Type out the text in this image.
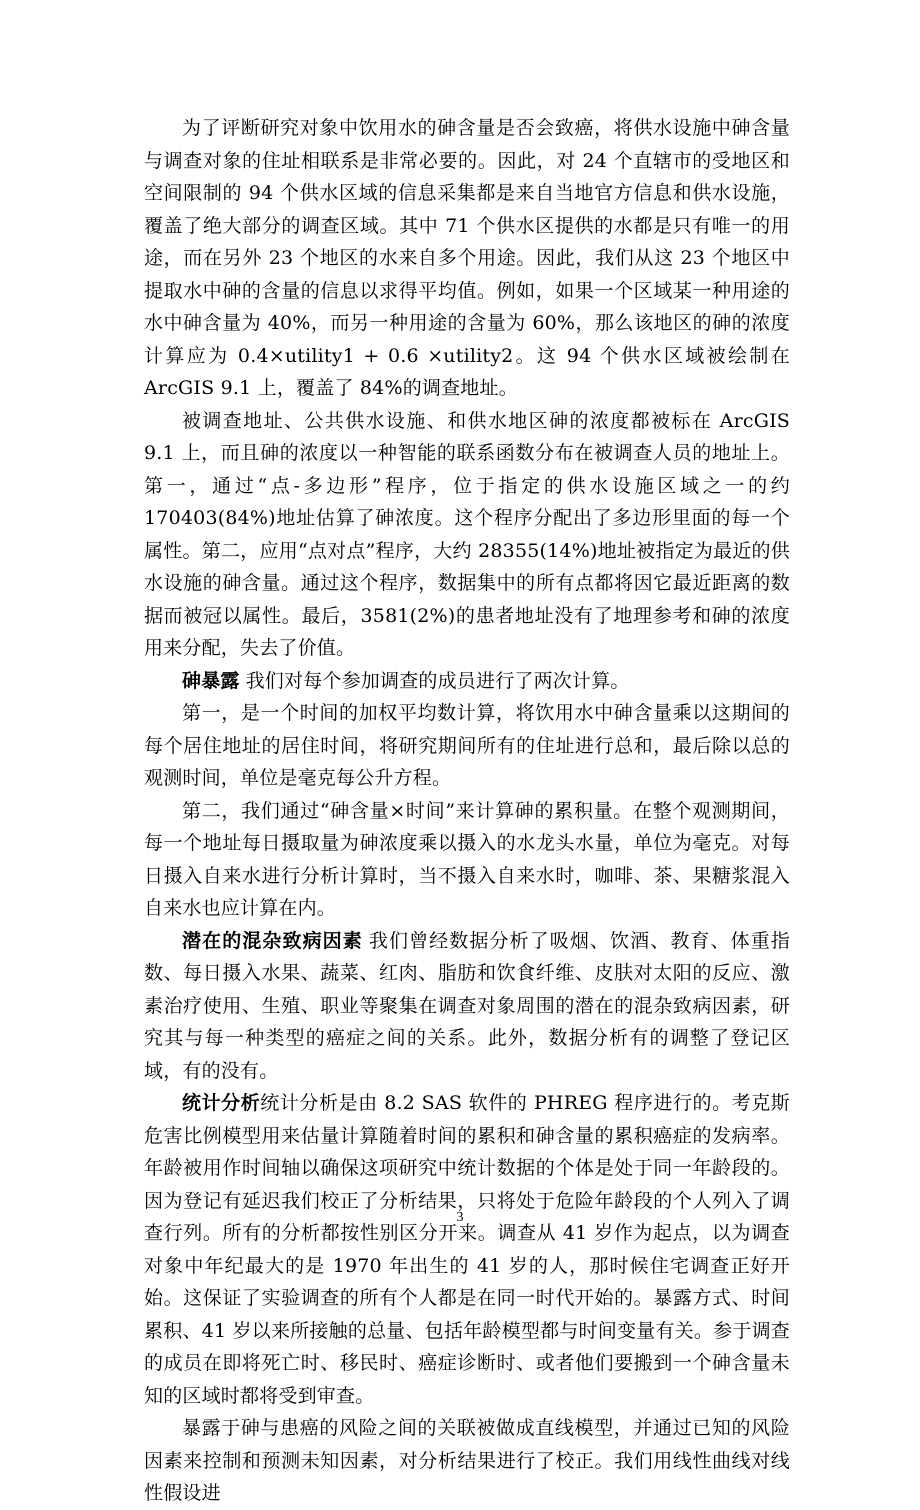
为了评断研究对象中饮用水的砷含量是否会致癌，将供水设施中砷含量与调查对象的住址相联系是非常必要的。因此，对 24 个直辖市的受地区和空间限制的 94 个供水区域的信息采集都是来自当地官方信息和供水设施，覆盖了绝大部分的调查区域。其中 71 个供水区提供的水都是只有唯一的用途，而在另外 23 个地区的水来自多个用途。因此，我们从这 23 个地区中提取水中砷的含量的信息以求得平均值。例如，如果一个区域某一种用途的水中砷含量为 40%，而另一种用途的含量为 60%，那么该地区的砷的浓度计算应为 0.4×utility1 + 0.6 ×utility2。这 94 个供水区域被绘制在 ArcGIS 9.1 上，覆盖了 84%的调查地址。

被调查地址、公共供水设施、和供水地区砷的浓度都被标在 ArcGIS 9.1 上，而且砷的浓度以一种智能的联系函数分布在被调查人员的地址上。第一，通过“点-多边形”程序，位于指定的供水设施区域之一的约 170403(84%)地址估算了砷浓度。这个程序分配出了多边形里面的每一个属性。第二，应用“点对点”程序，大约 28355(14%)地址被指定为最近的供水设施的砷含量。通过这个程序，数据集中的所有点都将因它最近距离的数据而被冠以属性。最后，3581(2%)的患者地址没有了地理参考和砷的浓度用来分配，失去了价值。

砷暴露 我们对每个参加调查的成员进行了两次计算。

第一，是一个时间的加权平均数计算，将饮用水中砷含量乘以这期间的每个居住地址的居住时间，将研究期间所有的住址进行总和，最后除以总的观测时间，单位是毫克每公升方程。

第二，我们通过“砷含量×时间”来计算砷的累积量。在整个观测期间，每一个地址每日摄取量为砷浓度乘以摄入的水龙头水量，单位为毫克。对每日摄入自来水进行分析计算时，当不摄入自来水时，咖啡、茶、果糖浆混入自来水也应计算在内。

潜在的混杂致病因素 我们曾经数据分析了吸烟、饮酒、教育、体重指数、每日摄入水果、蔬菜、红肉、脂肪和饮食纤维、皮肤对太阳的反应、激素治疗使用、生殖、职业等聚集在调查对象周围的潜在的混杂致病因素，研究其与每一种类型的癌症之间的关系。此外，数据分析有的调整了登记区域，有的没有。

统计分析统计分析是由 8.2 SAS 软件的 PHREG 程序进行的。考克斯危害比例模型用来估量计算随着时间的累积和砷含量的累积癌症的发病率。年龄被用作时间轴以确保这项研究中统计数据的个体是处于同一年龄段的。因为登记有延迟我们校正了分析结果，只将处于危险年龄段的个人列入了调查行列。所有的分析都按性别区分开来。调查从 41 岁作为起点，以为调查对象中年纪最大的是 1970 年出生的 41 岁的人，那时候住宅调查正好开始。这保证了实验调查的所有个人都是在同一时代开始的。暴露方式、时间累积、41 岁以来所接触的总量、包括年龄模型都与时间变量有关。参于调查的成员在即将死亡时、移民时、癌症诊断时、或者他们要搬到一个砷含量未知的区域时都将受到审查。

暴露于砷与患癌的风险之间的关联被做成直线模型，并通过已知的风险因素来控制和预测未知因素，对分析结果进行了校正。我们用线性曲线对线性假设进

3
